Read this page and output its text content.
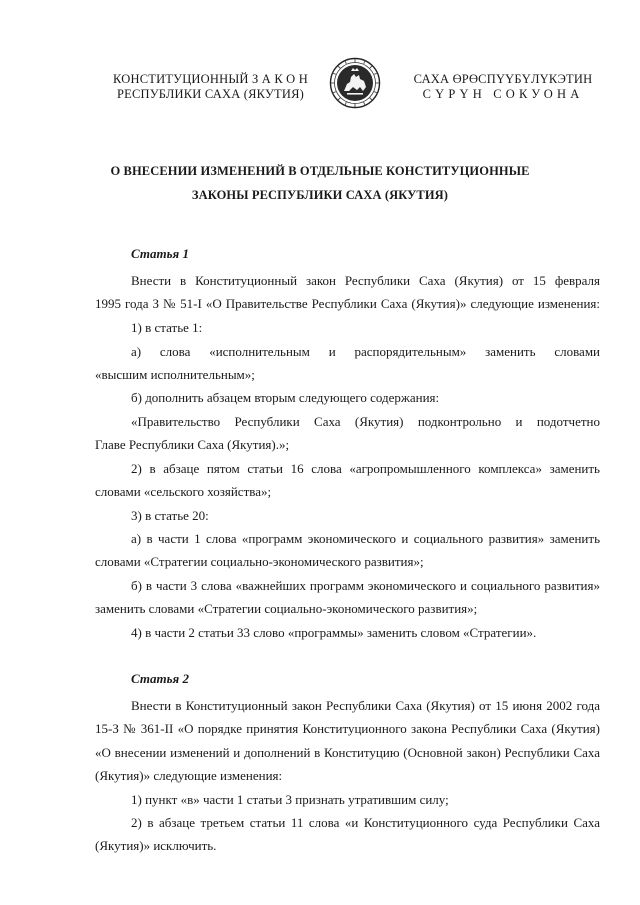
КОНСТИТУЦИОННЫЙ З А К О Н
РЕСПУБЛИКИ САХА (ЯКУТИЯ)
САХА ӨРӨСПҮҮБҮЛҮКЭТИН
СҮРҮН СОКУОНА
О ВНЕСЕНИИ ИЗМЕНЕНИЙ В ОТДЕЛЬНЫЕ КОНСТИТУЦИОННЫЕ
ЗАКОНЫ РЕСПУБЛИКИ САХА (ЯКУТИЯ)
Статья 1
Внести в Конституционный закон Республики Саха (Якутия) от 15 февраля
1995 года З № 51-I «О Правительстве Республики Саха (Якутия)» следующие изменения:
1) в статье 1:
а) слова «исполнительным и распорядительным» заменить словами
«высшим исполнительным»;
б) дополнить абзацем вторым следующего содержания:
«Правительство Республики Саха (Якутия) подконтрольно и подотчетно
Главе Республики Саха (Якутия).»;
2) в абзаце пятом статьи 16 слова «агропромышленного комплекса» заменить
словами «сельского хозяйства»;
3) в статье 20:
а) в части 1 слова «программ экономического и социального развития» заменить
словами «Стратегии социально-экономического развития»;
б) в части 3 слова «важнейших программ экономического и социального развития»
заменить словами «Стратегии социально-экономического развития»;
4) в части 2 статьи 33 слово «программы» заменить словом «Стратегии».
Статья 2
Внести в Конституционный закон Республики Саха (Якутия) от 15 июня 2002 года
15-З № 361-II «О порядке принятия Конституционного закона Республики Саха (Якутия)
«О внесении изменений и дополнений в Конституцию (Основной закон) Республики Саха
(Якутия)» следующие изменения:
1) пункт «в» части 1 статьи 3 признать утратившим силу;
2) в абзаце третьем статьи 11 слова «и Конституционного суда Республики Саха
(Якутия)» исключить.
